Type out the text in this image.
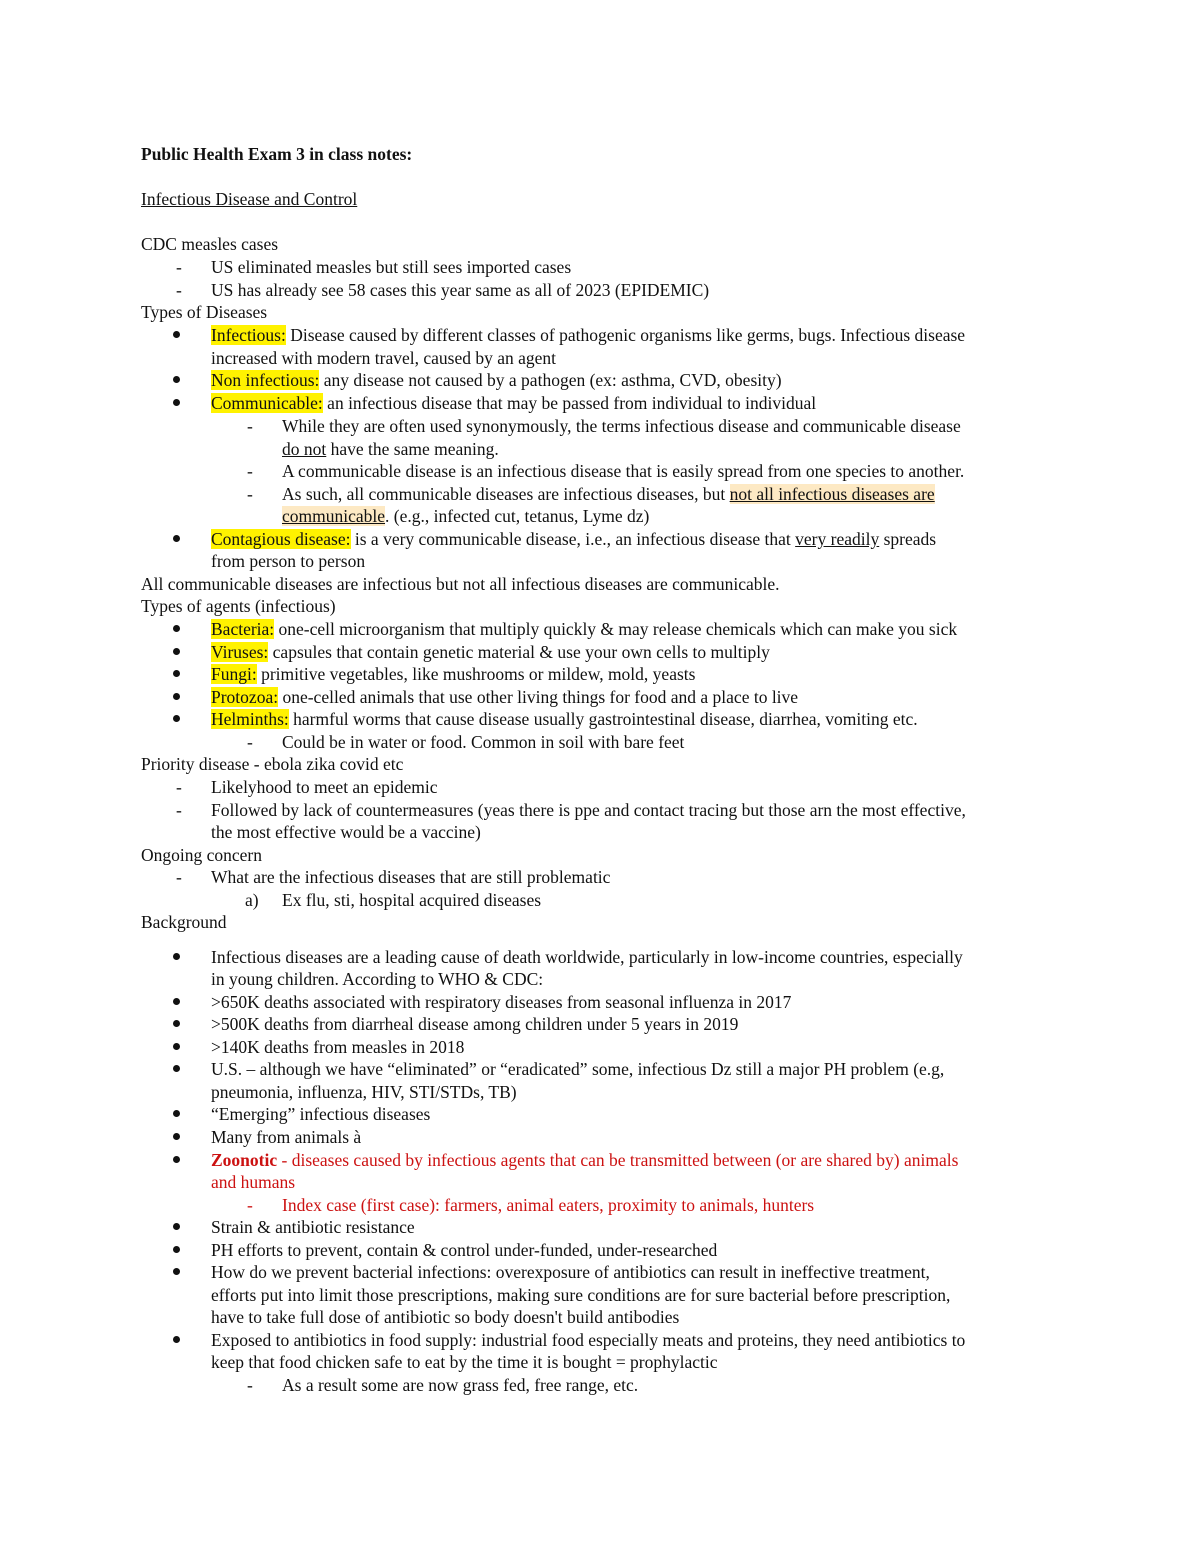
Public Health Exam 3 in class notes:
Infectious Disease and Control
CDC measles cases
- US eliminated measles but still sees imported cases
- US has already see 58 cases this year same as all of 2023 (EPIDEMIC)
Types of Diseases
Infectious: Disease caused by different classes of pathogenic organisms like germs, bugs. Infectious disease
increased with modern travel, caused by an agent
Non infectious: any disease not caused by a pathogen (ex: asthma, CVD, obesity)
Communicable: an infectious disease that may be passed from individual to individual
- While they are often used synonymously, the terms infectious disease and communicable disease
do not have the same meaning.
- A communicable disease is an infectious disease that is easily spread from one species to another.
- As such, all communicable diseases are infectious diseases, but not all infectious diseases are
communicable. (e.g., infected cut, tetanus, Lyme dz)
Contagious disease: is a very communicable disease, i.e., an infectious disease that very readily spreads
from person to person
All communicable diseases are infectious but not all infectious diseases are communicable.
Types of agents (infectious)
Bacteria: one-cell microorganism that multiply quickly & may release chemicals which can make you sick
Viruses: capsules that contain genetic material & use your own cells to multiply
Fungi: primitive vegetables, like mushrooms or mildew, mold, yeasts
Protozoa: one-celled animals that use other living things for food and a place to live
Helminths: harmful worms that cause disease usually gastrointestinal disease, diarrhea, vomiting etc.
- Could be in water or food. Common in soil with bare feet
Priority disease - ebola zika covid etc
- Likelyhood to meet an epidemic
- Followed by lack of countermeasures (yeas there is ppe and contact tracing but those arn the most effective,
the most effective would be a vaccine)
Ongoing concern
- What are the infectious diseases that are still problematic
a) Ex flu, sti, hospital acquired diseases
Background
Infectious diseases are a leading cause of death worldwide, particularly in low-income countries, especially
in young children. According to WHO & CDC:
>650K deaths associated with respiratory diseases from seasonal influenza in 2017
>500K deaths from diarrheal disease among children under 5 years in 2019
>140K deaths from measles in 2018
U.S. – although we have “eliminated” or “eradicated” some, infectious Dz still a major PH problem (e.g,
pneumonia, influenza, HIV, STI/STDs, TB)
“Emerging” infectious diseases
Many from animals à
Zoonotic - diseases caused by infectious agents that can be transmitted between (or are shared by) animals
and humans
- Index case (first case): farmers, animal eaters, proximity to animals, hunters
Strain & antibiotic resistance
PH efforts to prevent, contain & control under-funded, under-researched
How do we prevent bacterial infections: overexposure of antibiotics can result in ineffective treatment,
efforts put into limit those prescriptions, making sure conditions are for sure bacterial before prescription,
have to take full dose of antibiotic so body doesn't build antibodies
Exposed to antibiotics in food supply: industrial food especially meats and proteins, they need antibiotics to
keep that food chicken safe to eat by the time it is bought = prophylactic
- As a result some are now grass fed, free range, etc.
